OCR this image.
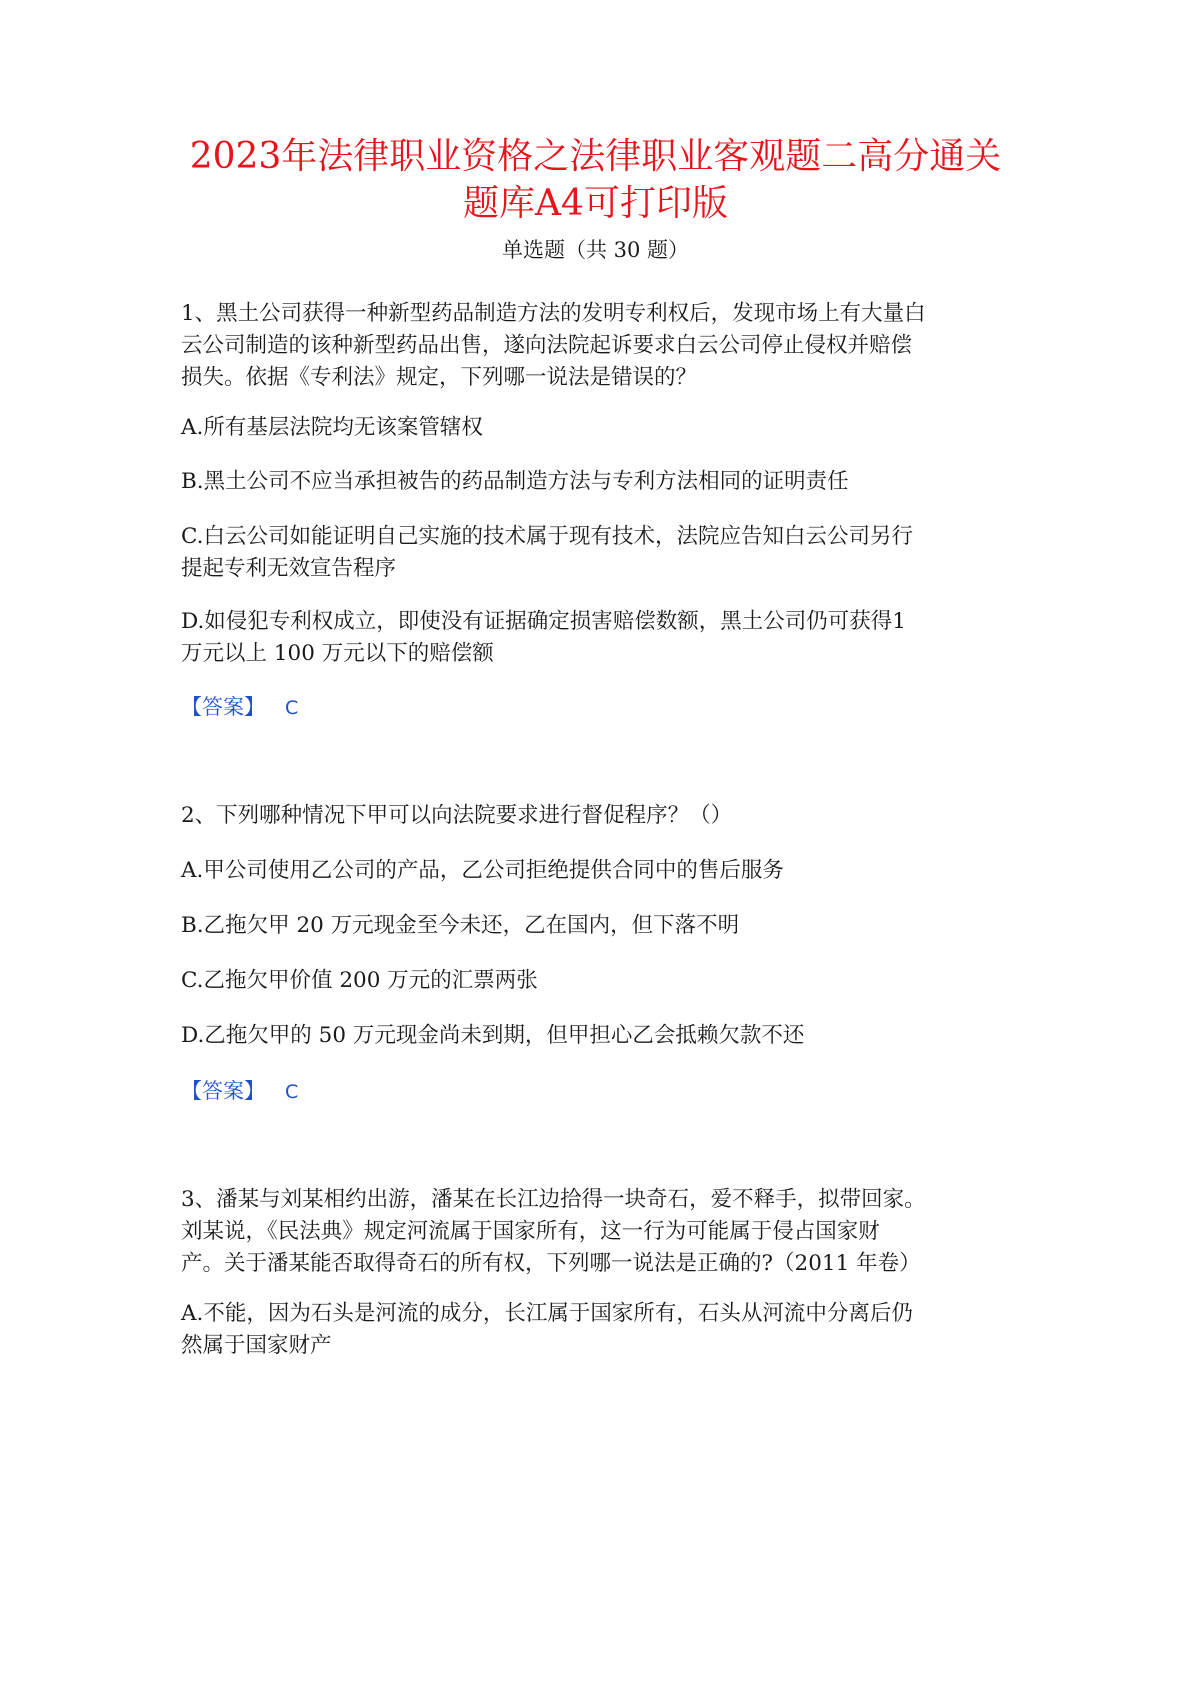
2023年法律职业资格之法律职业客观题二高分通关
题库A4可打印版
单选题（共 30 题）
1、黑土公司获得一种新型药品制造方法的发明专利权后，发现市场上有大量白
云公司制造的该种新型药品出售，遂向法院起诉要求白云公司停止侵权并赔偿
损失。依据《专利法》规定，下列哪一说法是错误的？
A.所有基层法院均无该案管辖权
B.黑土公司不应当承担被告的药品制造方法与专利方法相同的证明责任
C.白云公司如能证明自己实施的技术属于现有技术，法院应告知白云公司另行
提起专利无效宣告程序
D.如侵犯专利权成立，即使没有证据确定损害赔偿数额，黑土公司仍可获得1
万元以上 100 万元以下的赔偿额
【答案】 C
2、下列哪种情况下甲可以向法院要求进行督促程序？（）
A.甲公司使用乙公司的产品，乙公司拒绝提供合同中的售后服务
B.乙拖欠甲 20 万元现金至今未还，乙在国内，但下落不明
C.乙拖欠甲价值 200 万元的汇票两张
D.乙拖欠甲的 50 万元现金尚未到期，但甲担心乙会抵赖欠款不还
【答案】 C
3、潘某与刘某相约出游，潘某在长江边拾得一块奇石，爱不释手，拟带回家。
刘某说，《民法典》规定河流属于国家所有，这一行为可能属于侵占国家财
产。关于潘某能否取得奇石的所有权，下列哪一说法是正确的?（2011 年卷）
A.不能，因为石头是河流的成分，长江属于国家所有，石头从河流中分离后仍
然属于国家财产
